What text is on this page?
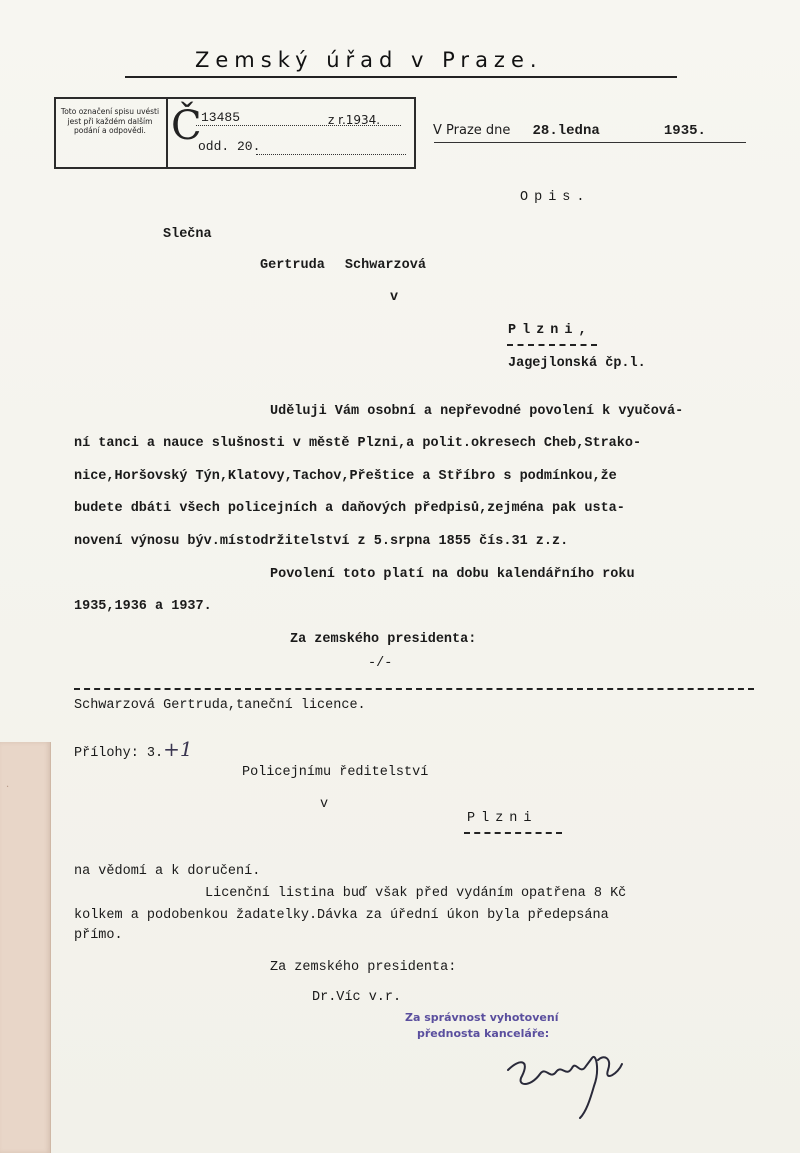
·
Zemský úřad v Praze.
Toto označení spisu uvésti jest při každém dalším podání a odpovědi. Č 13485	z r.1934.
odd. 20.
V Praze dne 28.ledna	1935.
Opis.
Slečna
Gertruda Schwarzová
v
Plzni,
Jagejlonská čp.l.
Uděluji Vám osobní a nepřevodné povolení k vyučová-
ní tanci a nauce slušnosti v městě Plzni,a polit.okresech Cheb,Strako-
nice,Horšovský Týn,Klatovy,Tachov,Přeštice a Stříbro s podmínkou,že
budete dbáti všech policejních a daňových předpisů,zejména pak usta-
novení výnosu býv.místodržitelství z 5.srpna 1855 čís.31 z.z.
Povolení toto platí na dobu kalendářního roku
1935,1936 a 1937.
Za zemského presidenta:
-/-
Schwarzová Gertruda,taneční licence.
Přílohy: 3.+1
Policejnímu ředitelství
v
Plzni
na vědomí a k doručení.
Licenční listina buď však před vydáním opatřena 8 Kč
kolkem a podobenkou žadatelky.Dávka za úřední úkon byla předepsána
přímo.
Za zemského presidenta:
Dr.Víc v.r.
Za správnost vyhotovení
přednosta kanceláře:
